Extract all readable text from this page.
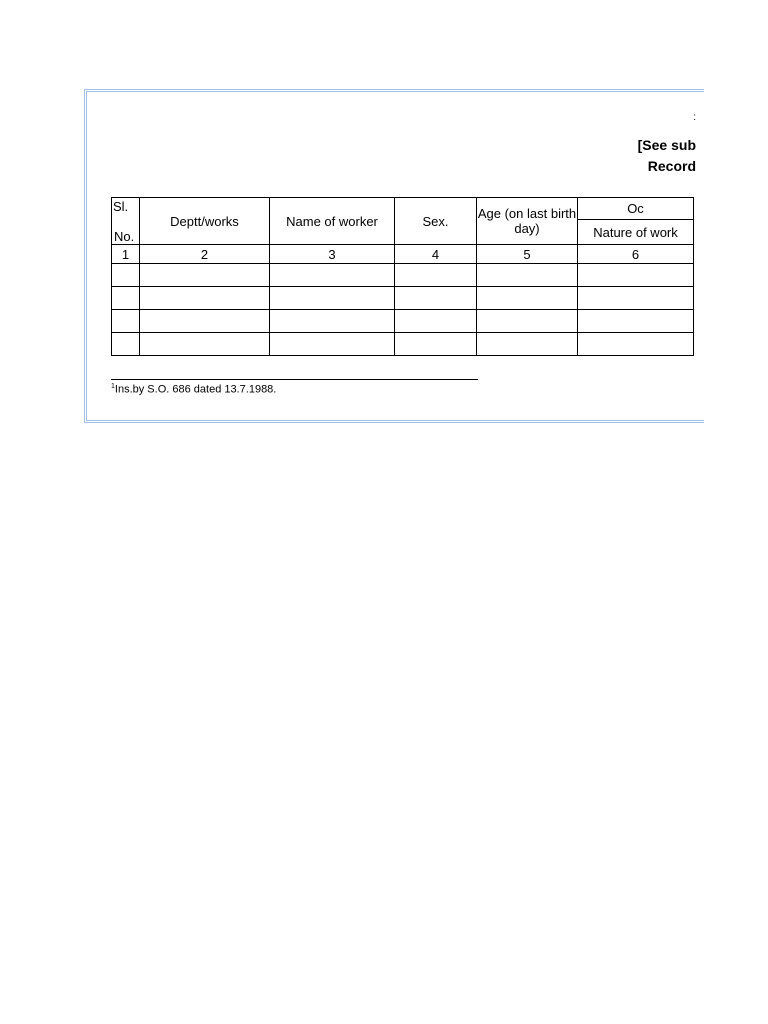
:
[See sub
Record
Sl.
No.	Deptt/works	Name of worker	Sex.	Age (on last birth day)	Oc
					Nature of work
1	2	3	4	5	6

$^1$Ins.by S.O. 686 dated 13.7.1988.
